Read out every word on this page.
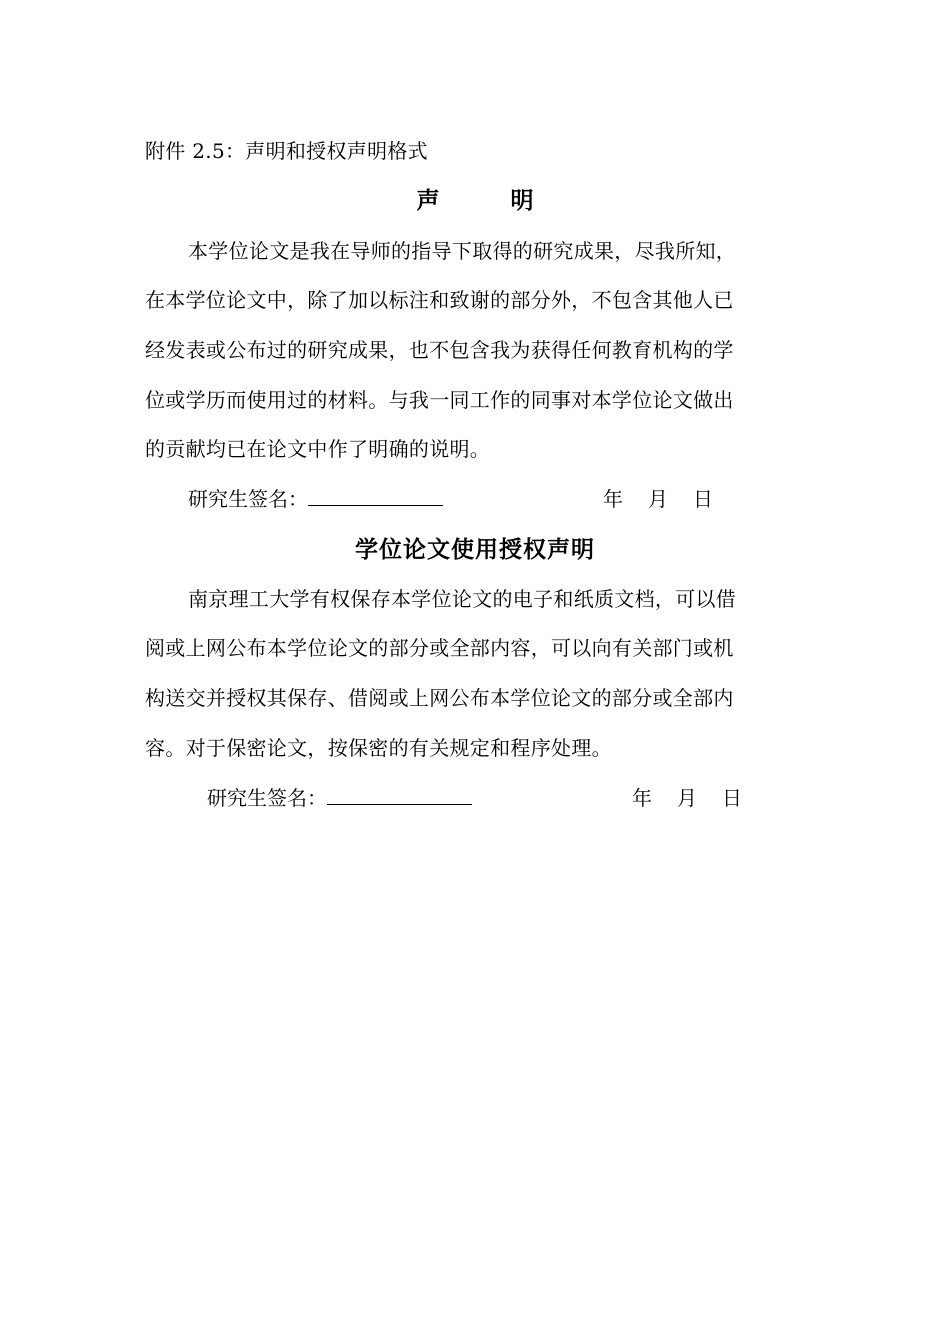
附件 2.5：声明和授权声明格式
声　明
本学位论文是我在导师的指导下取得的研究成果，尽我所知，
在本学位论文中，除了加以标注和致谢的部分外，不包含其他人已
经发表或公布过的研究成果，也不包含我为获得任何教育机构的学
位或学历而使用过的材料。与我一同工作的同事对本学位论文做出
的贡献均已在论文中作了明确的说明。
研究生签名：	年 月 日
学位论文使用授权声明
南京理工大学有权保存本学位论文的电子和纸质文档，可以借
阅或上网公布本学位论文的部分或全部内容，可以向有关部门或机
构送交并授权其保存、借阅或上网公布本学位论文的部分或全部内
容。对于保密论文，按保密的有关规定和程序处理。
研究生签名：	年 月 日
